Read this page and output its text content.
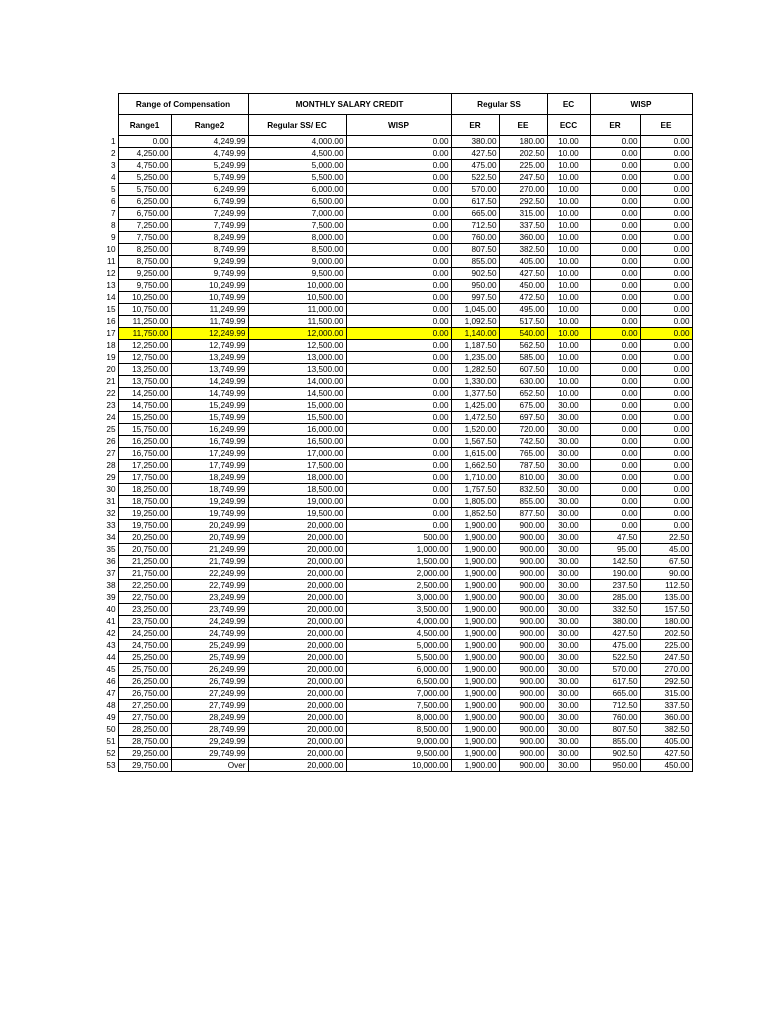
	Range of Compensation		MONTHLY SALARY CREDIT		Regular SS		EC	WISP	
	Range1	Range2	Regular SS/ EC	WISP	ER	EE	ECC	ER	EE
1	0.00	4,249.99	4,000.00	0.00	380.00	180.00	10.00	0.00	0.00
2	4,250.00	4,749.99	4,500.00	0.00	427.50	202.50	10.00	0.00	0.00
3	4,750.00	5,249.99	5,000.00	0.00	475.00	225.00	10.00	0.00	0.00
4	5,250.00	5,749.99	5,500.00	0.00	522.50	247.50	10.00	0.00	0.00
5	5,750.00	6,249.99	6,000.00	0.00	570.00	270.00	10.00	0.00	0.00
6	6,250.00	6,749.99	6,500.00	0.00	617.50	292.50	10.00	0.00	0.00
7	6,750.00	7,249.99	7,000.00	0.00	665.00	315.00	10.00	0.00	0.00
8	7,250.00	7,749.99	7,500.00	0.00	712.50	337.50	10.00	0.00	0.00
9	7,750.00	8,249.99	8,000.00	0.00	760.00	360.00	10.00	0.00	0.00
10	8,250.00	8,749.99	8,500.00	0.00	807.50	382.50	10.00	0.00	0.00
11	8,750.00	9,249.99	9,000.00	0.00	855.00	405.00	10.00	0.00	0.00
12	9,250.00	9,749.99	9,500.00	0.00	902.50	427.50	10.00	0.00	0.00
13	9,750.00	10,249.99	10,000.00	0.00	950.00	450.00	10.00	0.00	0.00
14	10,250.00	10,749.99	10,500.00	0.00	997.50	472.50	10.00	0.00	0.00
15	10,750.00	11,249.99	11,000.00	0.00	1,045.00	495.00	10.00	0.00	0.00
16	11,250.00	11,749.99	11,500.00	0.00	1,092.50	517.50	10.00	0.00	0.00
17	11,750.00	12,249.99	12,000.00	0.00	1,140.00	540.00	10.00	0.00	0.00
18	12,250.00	12,749.99	12,500.00	0.00	1,187.50	562.50	10.00	0.00	0.00
19	12,750.00	13,249.99	13,000.00	0.00	1,235.00	585.00	10.00	0.00	0.00
20	13,250.00	13,749.99	13,500.00	0.00	1,282.50	607.50	10.00	0.00	0.00
21	13,750.00	14,249.99	14,000.00	0.00	1,330.00	630.00	10.00	0.00	0.00
22	14,250.00	14,749.99	14,500.00	0.00	1,377.50	652.50	10.00	0.00	0.00
23	14,750.00	15,249.99	15,000.00	0.00	1,425.00	675.00	30.00	0.00	0.00
24	15,250.00	15,749.99	15,500.00	0.00	1,472.50	697.50	30.00	0.00	0.00
25	15,750.00	16,249.99	16,000.00	0.00	1,520.00	720.00	30.00	0.00	0.00
26	16,250.00	16,749.99	16,500.00	0.00	1,567.50	742.50	30.00	0.00	0.00
27	16,750.00	17,249.99	17,000.00	0.00	1,615.00	765.00	30.00	0.00	0.00
28	17,250.00	17,749.99	17,500.00	0.00	1,662.50	787.50	30.00	0.00	0.00
29	17,750.00	18,249.99	18,000.00	0.00	1,710.00	810.00	30.00	0.00	0.00
30	18,250.00	18,749.99	18,500.00	0.00	1,757.50	832.50	30.00	0.00	0.00
31	18,750.00	19,249.99	19,000.00	0.00	1,805.00	855.00	30.00	0.00	0.00
32	19,250.00	19,749.99	19,500.00	0.00	1,852.50	877.50	30.00	0.00	0.00
33	19,750.00	20,249.99	20,000.00	0.00	1,900.00	900.00	30.00	0.00	0.00
34	20,250.00	20,749.99	20,000.00	500.00	1,900.00	900.00	30.00	47.50	22.50
35	20,750.00	21,249.99	20,000.00	1,000.00	1,900.00	900.00	30.00	95.00	45.00
36	21,250.00	21,749.99	20,000.00	1,500.00	1,900.00	900.00	30.00	142.50	67.50
37	21,750.00	22,249.99	20,000.00	2,000.00	1,900.00	900.00	30.00	190.00	90.00
38	22,250.00	22,749.99	20,000.00	2,500.00	1,900.00	900.00	30.00	237.50	112.50
39	22,750.00	23,249.99	20,000.00	3,000.00	1,900.00	900.00	30.00	285.00	135.00
40	23,250.00	23,749.99	20,000.00	3,500.00	1,900.00	900.00	30.00	332.50	157.50
41	23,750.00	24,249.99	20,000.00	4,000.00	1,900.00	900.00	30.00	380.00	180.00
42	24,250.00	24,749.99	20,000.00	4,500.00	1,900.00	900.00	30.00	427.50	202.50
43	24,750.00	25,249.99	20,000.00	5,000.00	1,900.00	900.00	30.00	475.00	225.00
44	25,250.00	25,749.99	20,000.00	5,500.00	1,900.00	900.00	30.00	522.50	247.50
45	25,750.00	26,249.99	20,000.00	6,000.00	1,900.00	900.00	30.00	570.00	270.00
46	26,250.00	26,749.99	20,000.00	6,500.00	1,900.00	900.00	30.00	617.50	292.50
47	26,750.00	27,249.99	20,000.00	7,000.00	1,900.00	900.00	30.00	665.00	315.00
48	27,250.00	27,749.99	20,000.00	7,500.00	1,900.00	900.00	30.00	712.50	337.50
49	27,750.00	28,249.99	20,000.00	8,000.00	1,900.00	900.00	30.00	760.00	360.00
50	28,250.00	28,749.99	20,000.00	8,500.00	1,900.00	900.00	30.00	807.50	382.50
51	28,750.00	29,249.99	20,000.00	9,000.00	1,900.00	900.00	30.00	855.00	405.00
52	29,250.00	29,749.99	20,000.00	9,500.00	1,900.00	900.00	30.00	902.50	427.50
53	29,750.00	Over	20,000.00	10,000.00	1,900.00	900.00	30.00	950.00	450.00
